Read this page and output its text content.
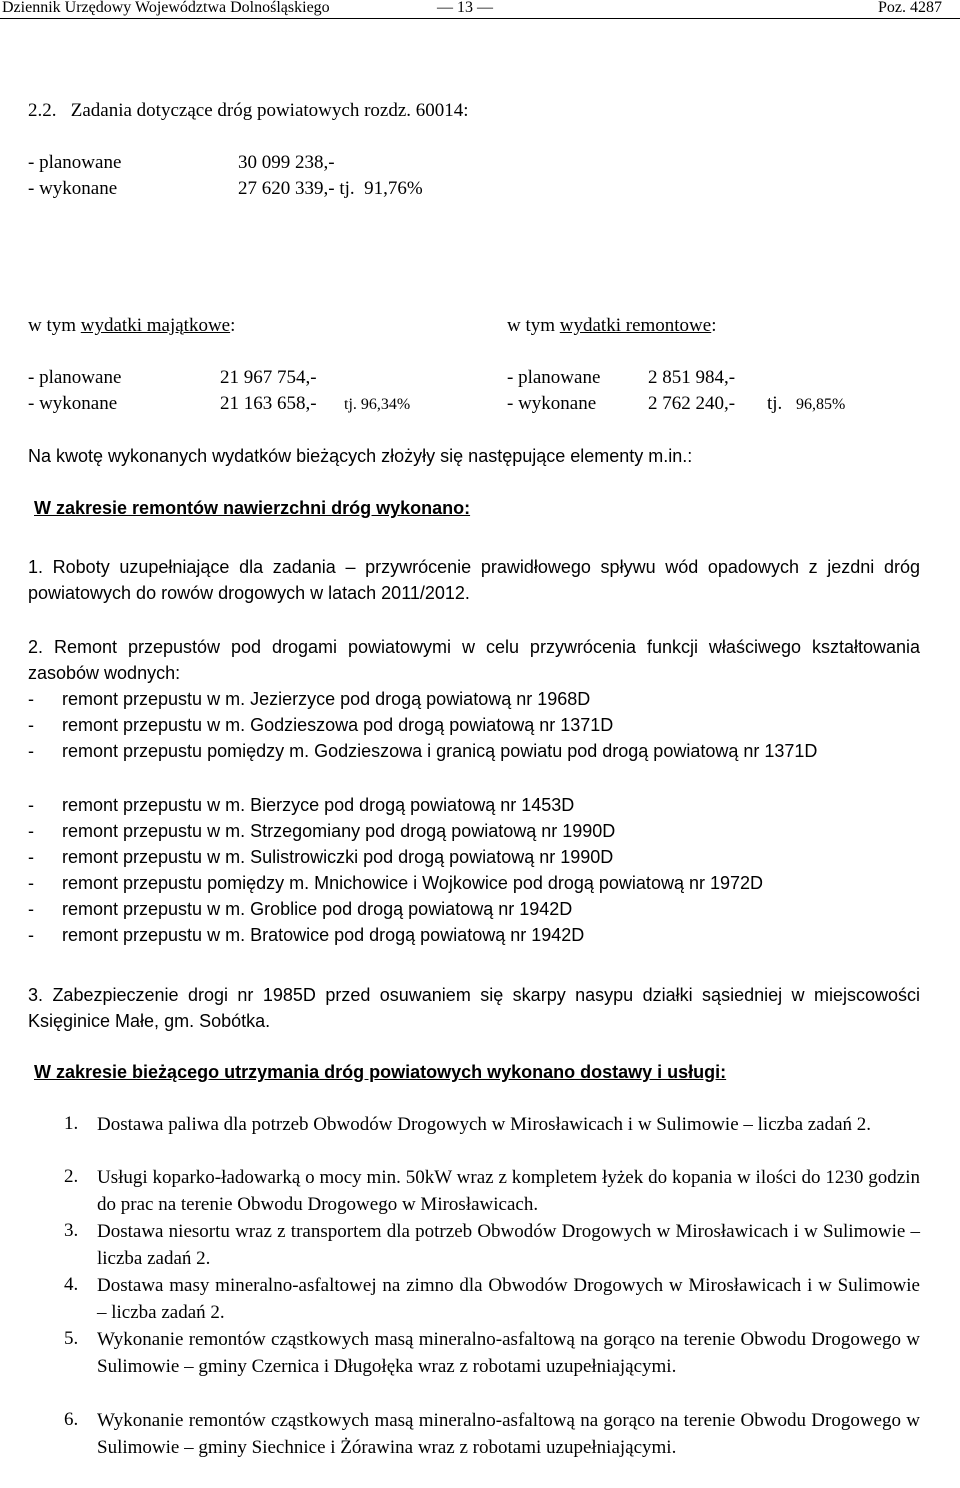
Dziennik Urzędowy Województwa Dolnośląskiego	— 13 —	Poz. 4287
2.2.   Zadania dotyczące dróg powiatowych rozdz. 60014:
- planowane	30 099 238,-
- wykonane	27 620 339,- tj.  91,76%
w tym wydatki majątkowe:
- planowane	21 967 754,-
- wykonane	21 163 658,- tj. 96,34%
w tym wydatki remontowe:
- planowane	2 851 984,-
- wykonane	2 762 240,- tj. 96,85%
Na kwotę wykonanych wydatków bieżących złożyły się następujące elementy m.in.:
W zakresie remontów nawierzchni dróg wykonano:
1. Roboty uzupełniające dla zadania – przywrócenie prawidłowego spływu wód opadowych z jezdni dróg powiatowych do rowów drogowych w latach 2011/2012.
2. Remont przepustów pod drogami powiatowymi w celu przywrócenia funkcji właściwego kształtowania zasobów wodnych:
- remont przepustu w m. Jezierzyce pod drogą powiatową nr 1968D
- remont przepustu w m. Godzieszowa pod drogą powiatową nr 1371D
- remont przepustu pomiędzy m. Godzieszowa i granicą powiatu pod drogą powiatową nr 1371D
- remont przepustu w m. Bierzyce pod drogą powiatową nr 1453D
- remont przepustu w m. Strzegomiany pod drogą powiatową nr 1990D
- remont przepustu w m. Sulistrowiczki pod drogą powiatową nr 1990D
- remont przepustu pomiędzy m. Mnichowice i Wojkowice pod drogą powiatową nr 1972D
- remont przepustu w m. Groblice pod drogą powiatową nr 1942D
- remont przepustu w m. Bratowice pod drogą powiatową nr 1942D
3. Zabezpieczenie drogi nr 1985D przed osuwaniem się skarpy nasypu działki sąsiedniej w miejscowości Księginice Małe, gm. Sobótka.
W zakresie bieżącego utrzymania dróg powiatowych wykonano dostawy i usługi:
1. Dostawa paliwa dla potrzeb Obwodów Drogowych w Mirosławicach i w Sulimowie – liczba zadań 2.
2. Usługi koparko-ładowarką o mocy min. 50kW wraz z kompletem łyżek do kopania w ilości do 1230 godzin do prac na terenie Obwodu Drogowego w Mirosławicach.
3. Dostawa niesortu wraz z transportem dla potrzeb Obwodów Drogowych w Mirosławicach i w Sulimowie – liczba zadań 2.
4. Dostawa masy mineralno-asfaltowej na zimno dla Obwodów Drogowych w Mirosławicach i w Sulimowie – liczba zadań 2.
5. Wykonanie remontów cząstkowych masą mineralno-asfaltową na gorąco na terenie Obwodu Drogowego w Sulimowie – gminy Czernica i Długołęka wraz z robotami uzupełniającymi.
6. Wykonanie remontów cząstkowych masą mineralno-asfaltową na gorąco na terenie Obwodu Drogowego w Sulimowie – gminy Siechnice i Żórawina wraz z robotami uzupełniającymi.
